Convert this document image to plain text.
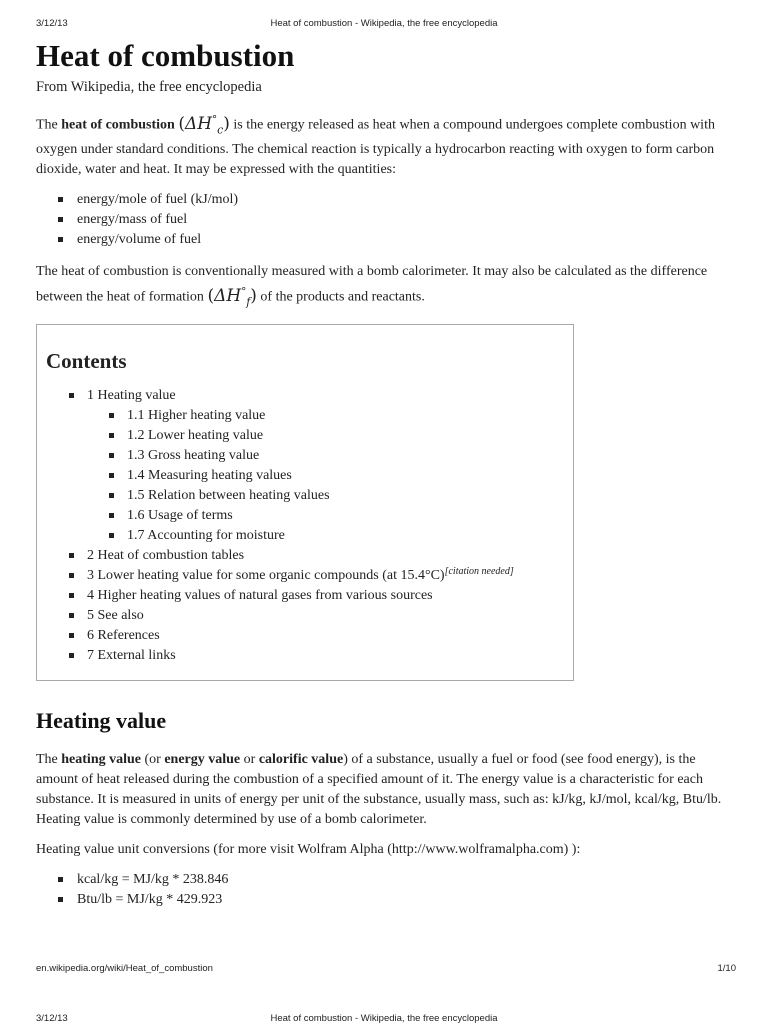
3/12/13	Heat of combustion - Wikipedia, the free encyclopedia
Heat of combustion
From Wikipedia, the free encyclopedia

The heat of combustion $(\Delta H^\circ_c)$ is the energy released as heat when a compound undergoes complete combustion with oxygen under standard conditions. The chemical reaction is typically a hydrocarbon reacting with oxygen to form carbon dioxide, water and heat. It may be expressed with the quantities:

energy/mole of fuel (kJ/mol)
energy/mass of fuel
energy/volume of fuel

The heat of combustion is conventionally measured with a bomb calorimeter. It may also be calculated as the difference between the heat of formation $(\Delta H^\circ_f)$ of the products and reactants.

Contents
1 Heating value
1.1 Higher heating value
1.2 Lower heating value
1.3 Gross heating value
1.4 Measuring heating values
1.5 Relation between heating values
1.6 Usage of terms
1.7 Accounting for moisture
2 Heat of combustion tables
3 Lower heating value for some organic compounds (at 15.4°C)[citation needed]
4 Higher heating values of natural gases from various sources
5 See also
6 References
7 External links
Heating value

The heating value (or energy value or calorific value) of a substance, usually a fuel or food (see food energy), is the amount of heat released during the combustion of a specified amount of it. The energy value is a characteristic for each substance. It is measured in units of energy per unit of the substance, usually mass, such as: kJ/kg, kJ/mol, kcal/kg, Btu/lb. Heating value is commonly determined by use of a bomb calorimeter.

Heating value unit conversions (for more visit Wolfram Alpha (http://www.wolframalpha.com) ):

kcal/kg = MJ/kg * 238.846
Btu/lb = MJ/kg * 429.923
en.wikipedia.org/wiki/Heat_of_combustion	1/10
3/12/13	Heat of combustion - Wikipedia, the free encyclopedia
